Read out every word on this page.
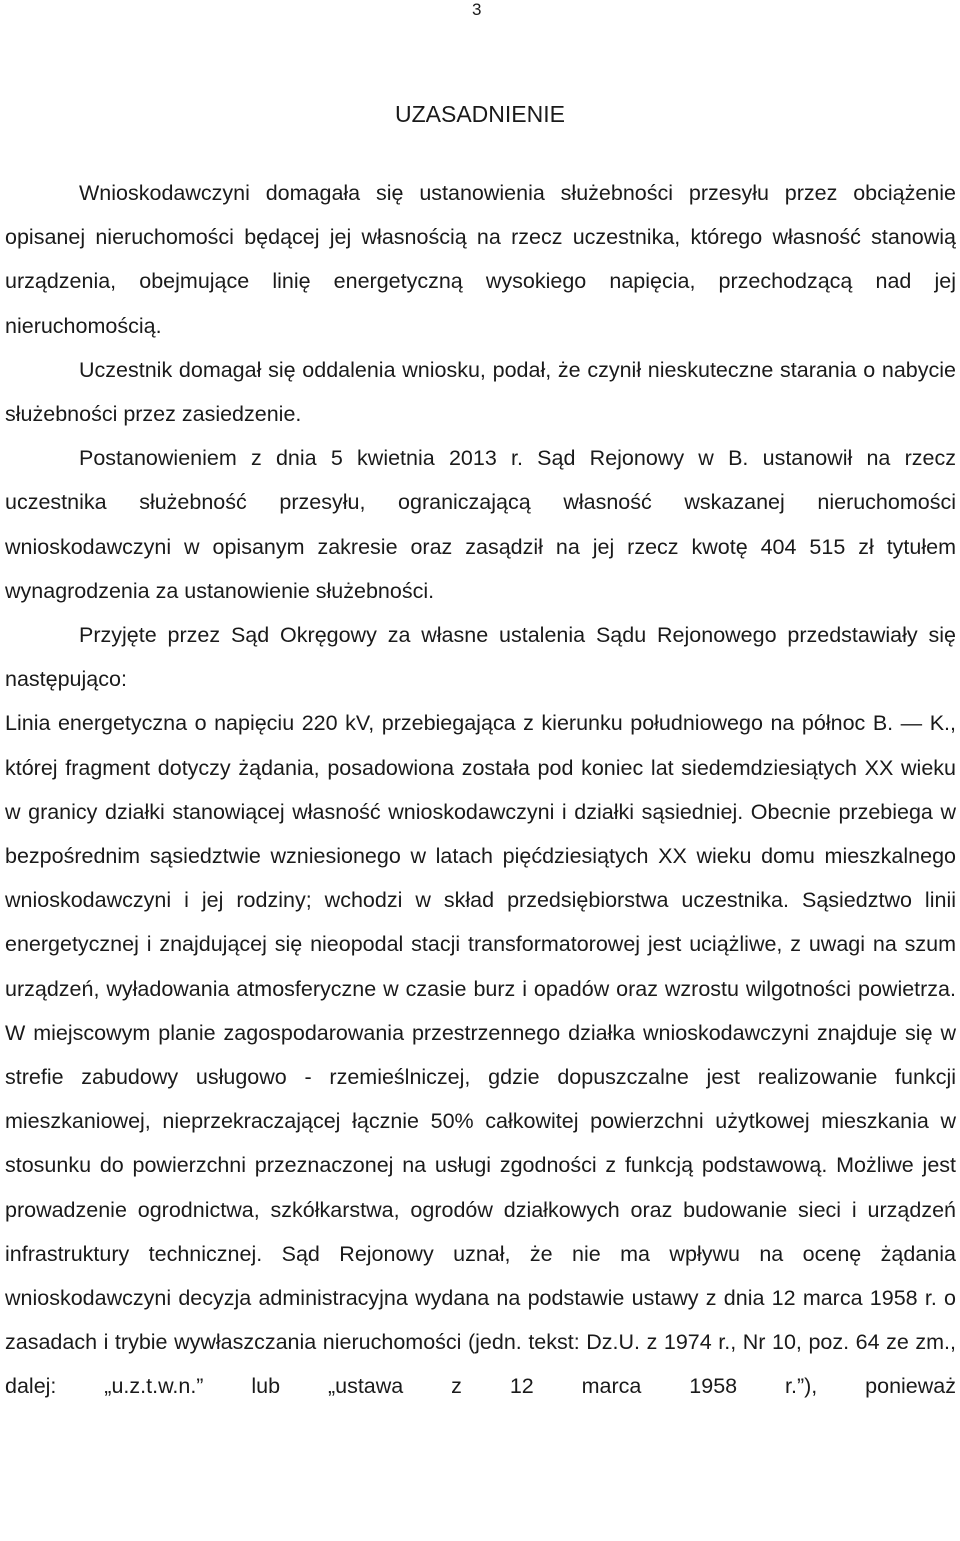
3
UZASADNIENIE

Wnioskodawczyni domagała się ustanowienia służebności przesyłu przez obciążenie opisanej nieruchomości będącej jej własnością na rzecz uczestnika, którego własność stanowią urządzenia, obejmujące linię energetyczną wysokiego napięcia, przechodzącą nad jej nieruchomością.

Uczestnik domagał się oddalenia wniosku, podał, że czynił nieskuteczne starania o nabycie służebności przez zasiedzenie.

Postanowieniem z dnia 5 kwietnia 2013 r. Sąd Rejonowy w B. ustanowił na rzecz uczestnika służebność przesyłu, ograniczającą własność wskazanej nieruchomości wnioskodawczyni w opisanym zakresie oraz zasądził na jej rzecz kwotę 404 515 zł tytułem wynagrodzenia za ustanowienie służebności.

Przyjęte przez Sąd Okręgowy za własne ustalenia Sądu Rejonowego przedstawiały się następująco:

Linia energetyczna o napięciu 220 kV, przebiegająca z kierunku południowego na północ B. — K., której fragment dotyczy żądania, posadowiona została pod koniec lat siedemdziesiątych XX wieku w granicy działki stanowiącej własność wnioskodawczyni i działki sąsiedniej. Obecnie przebiega w bezpośrednim sąsiedztwie wzniesionego w latach pięćdziesiątych XX wieku domu mieszkalnego wnioskodawczyni i jej rodziny; wchodzi w skład przedsiębiorstwa uczestnika. Sąsiedztwo linii energetycznej i znajdującej się nieopodal stacji transformatorowej jest uciążliwe, z uwagi na szum urządzeń, wyładowania atmosferyczne w czasie burz i opadów oraz wzrostu wilgotności powietrza. W miejscowym planie zagospodarowania przestrzennego działka wnioskodawczyni znajduje się w strefie zabudowy usługowo - rzemieślniczej, gdzie dopuszczalne jest realizowanie funkcji mieszkaniowej, nieprzekraczającej łącznie 50% całkowitej powierzchni użytkowej mieszkania w stosunku do powierzchni przeznaczonej na usługi zgodności z funkcją podstawową. Możliwe jest prowadzenie ogrodnictwa, szkółkarstwa, ogrodów działkowych oraz budowanie sieci i urządzeń infrastruktury technicznej. Sąd Rejonowy uznał, że nie ma wpływu na ocenę żądania wnioskodawczyni decyzja administracyjna wydana na podstawie ustawy z dnia 12 marca 1958 r. o zasadach i trybie wywłaszczania nieruchomości (jedn. tekst: Dz.U. z 1974 r., Nr 10, poz. 64 ze zm., dalej: „u.z.t.w.n.” lub „ustawa z 12 marca 1958 r.”), ponieważ
